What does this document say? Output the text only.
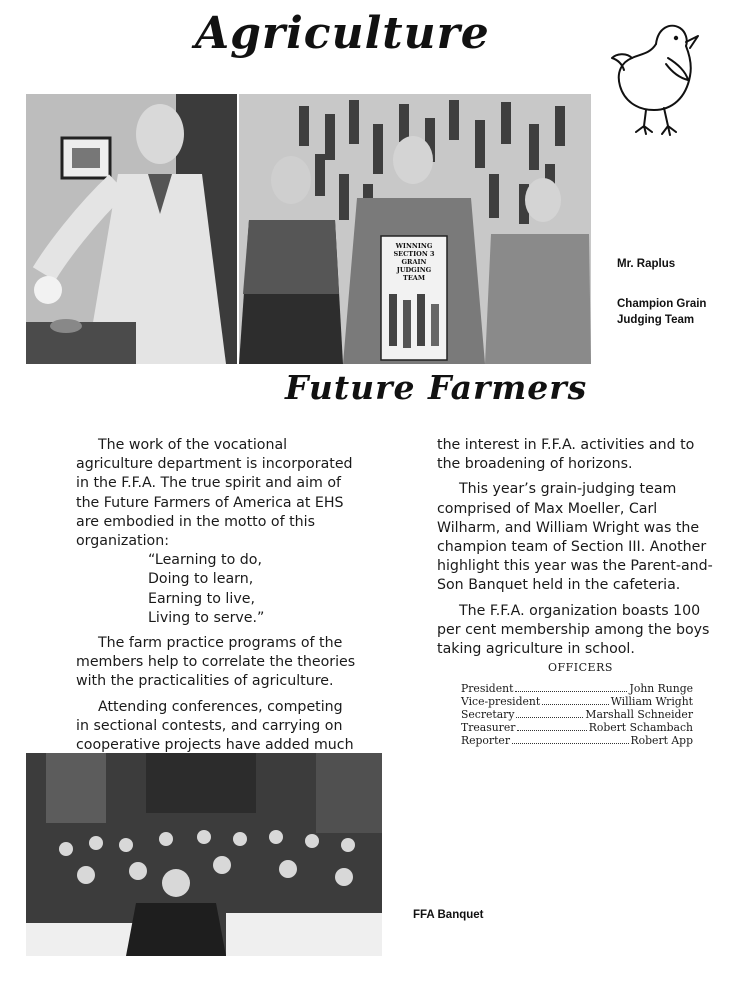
Agriculture
WINNING
SECTION 3
GRAIN
JUDGING
TEAM
Mr. Raplus
Champion Grain Judging Team
Future Farmers

The work of the vocational agriculture department is incorporated in the F.F.A. The true spirit and aim of the Future Farmers of America at EHS are embodied in the motto of this organization:

“Learning to do,
Doing to learn,
Earning to live,
Living to serve.”

The farm practice programs of the members help to correlate the theories with the practicalities of agriculture.

Attending conferences, competing in sectional contests, and carrying on cooperative projects have added much

the interest in F.F.A. activities and to the broadening of horizons.

This year’s grain-judging team comprised of Max Moeller, Carl Wilharm, and William Wright was the champion team of Section III. Another highlight this year was the Parent-and-Son Banquet held in the cafeteria.

The F.F.A. organization boasts 100 per cent membership among the boys taking agriculture in school.

OFFICERS
President	John Runge
Vice-president	William Wright
Secretary	Marshall Schneider
Treasurer	Robert Schambach
Reporter	Robert App
FFA Banquet
